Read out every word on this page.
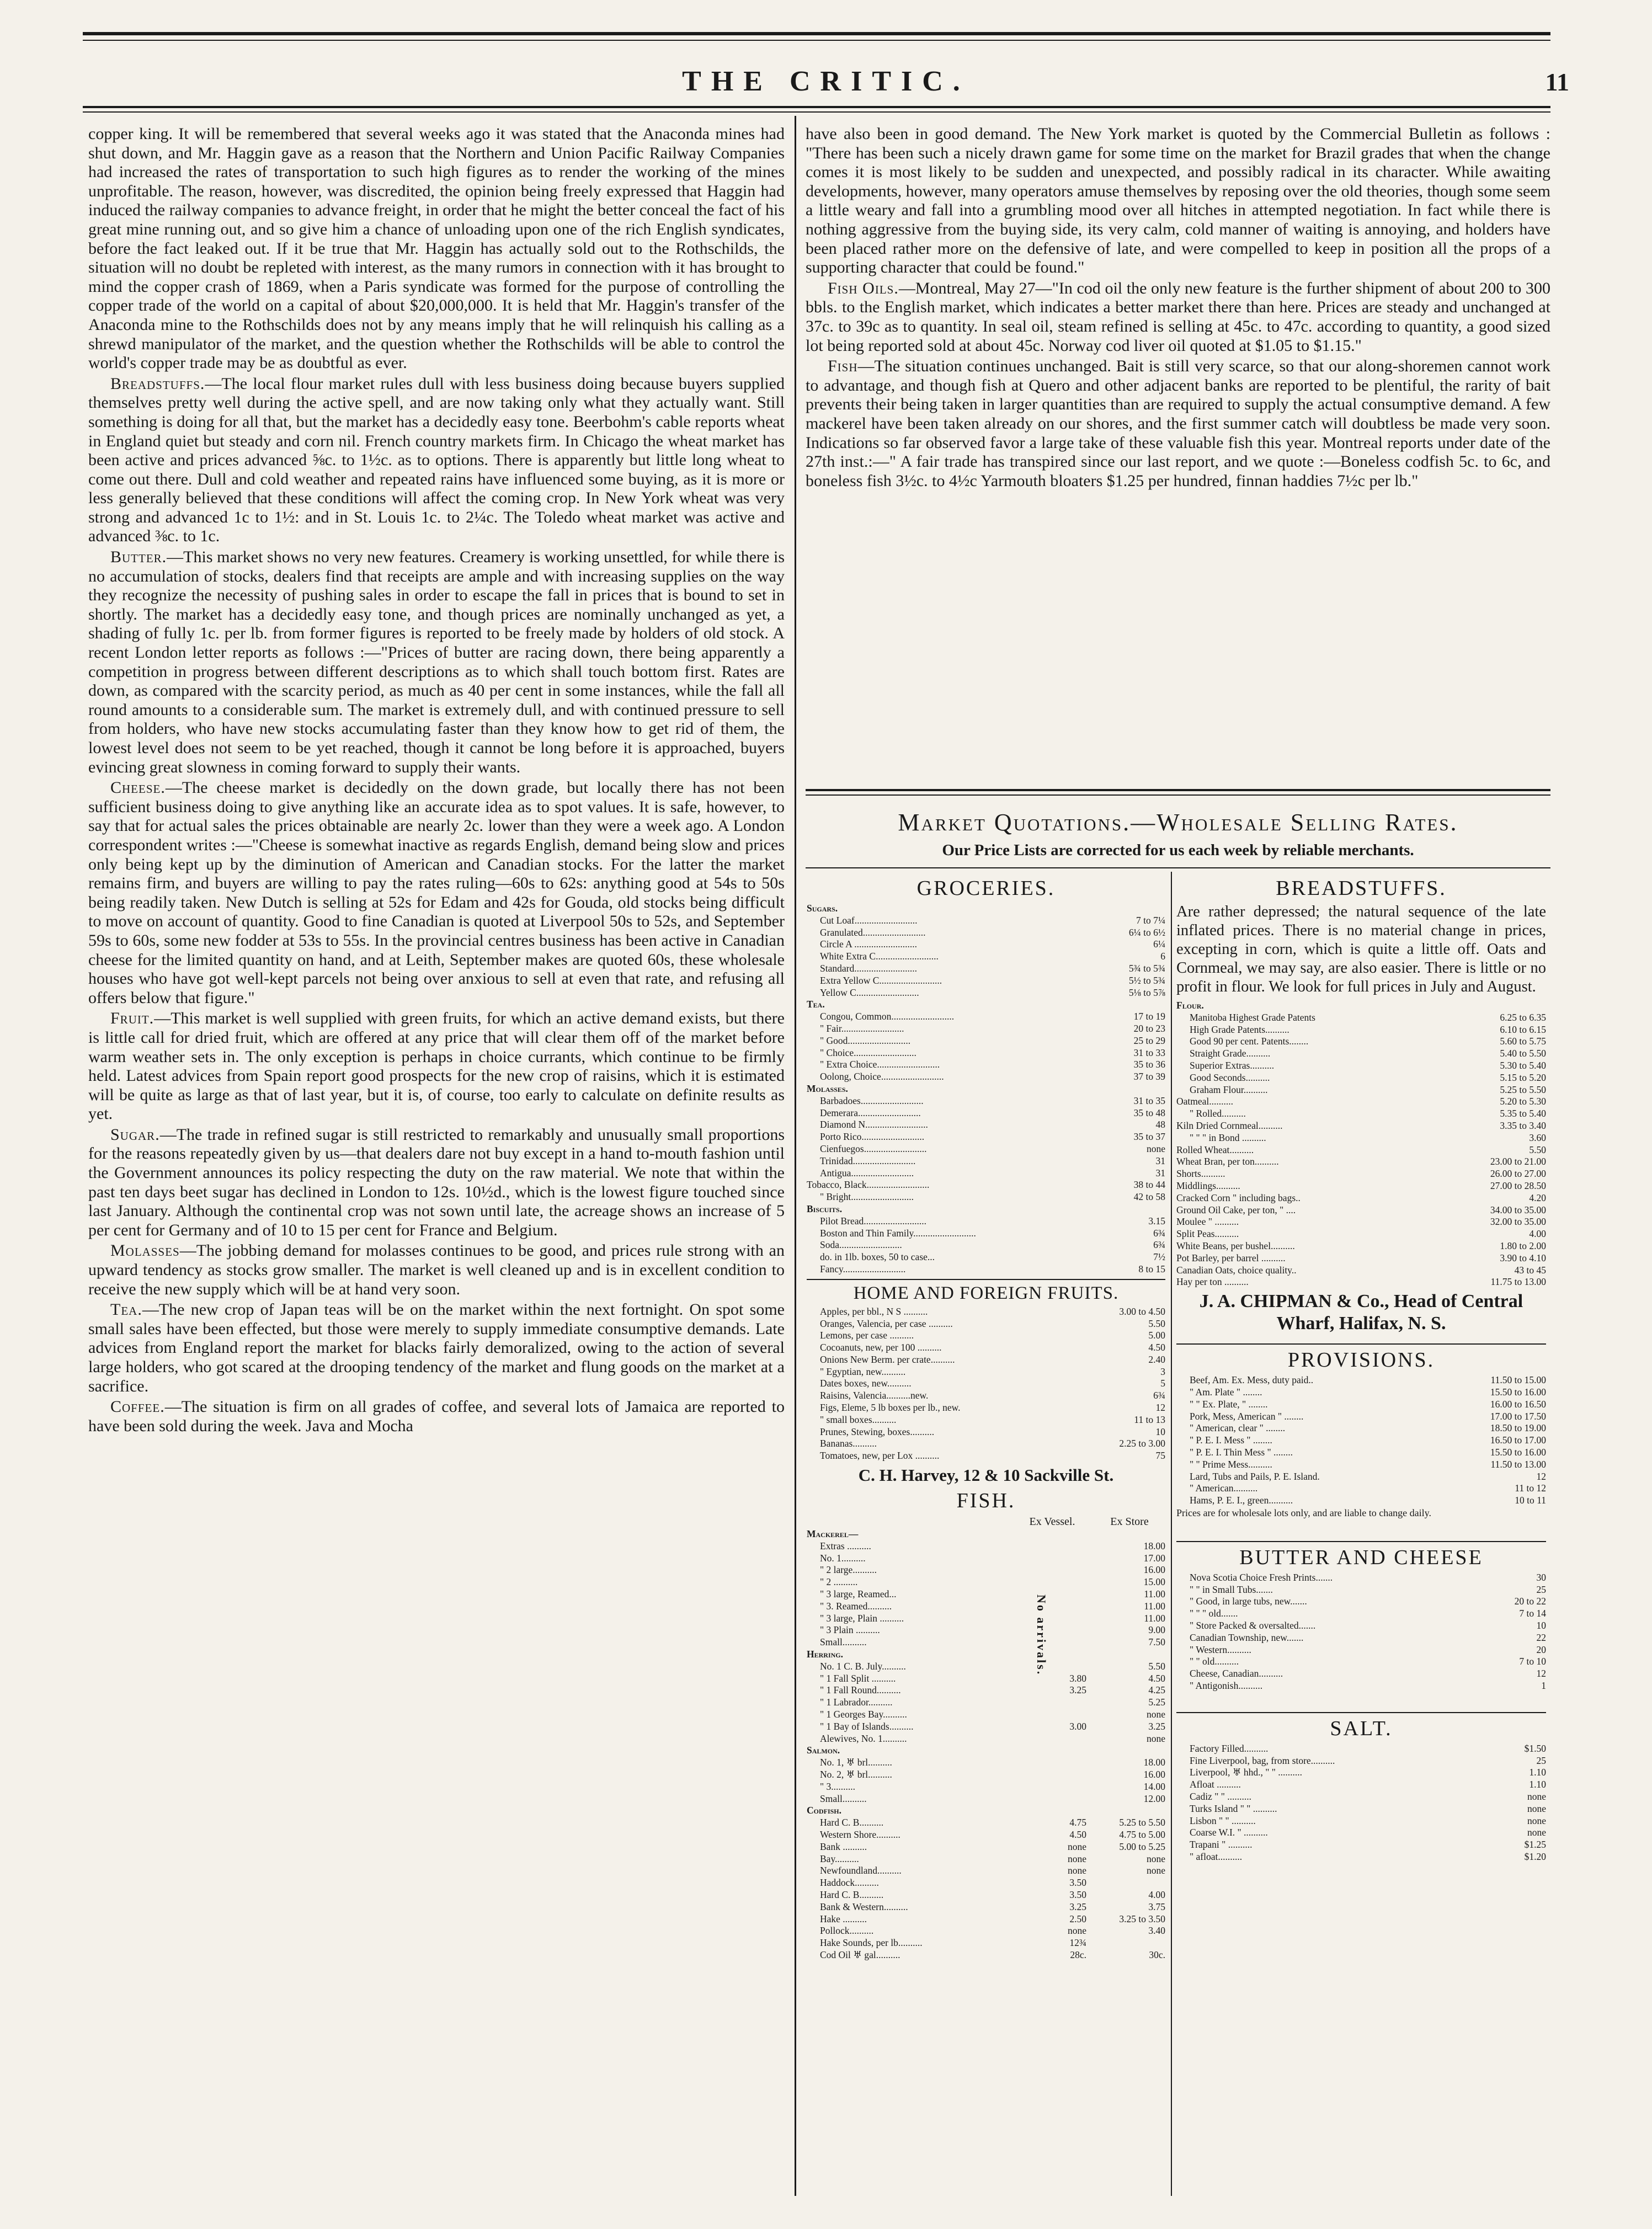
THE CRITIC.	11

copper king. It will be remembered that several weeks ago it was stated that the Anaconda mines had shut down, and Mr. Haggin gave as a reason that the Northern and Union Pacific Railway Companies had increased the rates of transportation to such high figures as to render the working of the mines unprofitable. The reason, however, was discredited, the opinion being freely expressed that Haggin had induced the railway companies to advance freight, in order that he might the better conceal the fact of his great mine running out, and so give him a chance of unloading upon one of the rich English syndicates, before the fact leaked out. If it be true that Mr. Haggin has actually sold out to the Rothschilds, the situation will no doubt be repleted with interest, as the many rumors in connection with it has brought to mind the copper crash of 1869, when a Paris syndicate was formed for the purpose of controlling the copper trade of the world on a capital of about $20,000,000. It is held that Mr. Haggin's transfer of the Anaconda mine to the Rothschilds does not by any means imply that he will relinquish his calling as a shrewd manipulator of the market, and the question whether the Rothschilds will be able to control the world's copper trade may be as doubtful as ever.

Breadstuffs.—The local flour market rules dull with less business doing because buyers supplied themselves pretty well during the active spell, and are now taking only what they actually want. Still something is doing for all that, but the market has a decidedly easy tone. Beerbohm's cable reports wheat in England quiet but steady and corn nil. French country markets firm. In Chicago the wheat market has been active and prices advanced ⅝c. to 1½c. as to options. There is apparently but little long wheat to come out there. Dull and cold weather and repeated rains have influenced some buying, as it is more or less generally believed that these conditions will affect the coming crop. In New York wheat was very strong and advanced 1c to 1½: and in St. Louis 1c. to 2¼c. The Toledo wheat market was active and advanced ⅜c. to 1c.

Butter.—This market shows no very new features. Creamery is working unsettled, for while there is no accumulation of stocks, dealers find that receipts are ample and with increasing supplies on the way they recognize the necessity of pushing sales in order to escape the fall in prices that is bound to set in shortly. The market has a decidedly easy tone, and though prices are nominally unchanged as yet, a shading of fully 1c. per lb. from former figures is reported to be freely made by holders of old stock. A recent London letter reports as follows :—"Prices of butter are racing down, there being apparently a competition in progress between different descriptions as to which shall touch bottom first. Rates are down, as compared with the scarcity period, as much as 40 per cent in some instances, while the fall all round amounts to a considerable sum. The market is extremely dull, and with continued pressure to sell from holders, who have new stocks accumulating faster than they know how to get rid of them, the lowest level does not seem to be yet reached, though it cannot be long before it is approached, buyers evincing great slowness in coming forward to supply their wants.

Cheese.—The cheese market is decidedly on the down grade, but locally there has not been sufficient business doing to give anything like an accurate idea as to spot values. It is safe, however, to say that for actual sales the prices obtainable are nearly 2c. lower than they were a week ago. A London correspondent writes :—"Cheese is somewhat inactive as regards English, demand being slow and prices only being kept up by the diminution of American and Canadian stocks. For the latter the market remains firm, and buyers are willing to pay the rates ruling—60s to 62s: anything good at 54s to 50s being readily taken. New Dutch is selling at 52s for Edam and 42s for Gouda, old stocks being difficult to move on account of quantity. Good to fine Canadian is quoted at Liverpool 50s to 52s, and September 59s to 60s, some new fodder at 53s to 55s. In the provincial centres business has been active in Canadian cheese for the limited quantity on hand, and at Leith, September makes are quoted 60s, these wholesale houses who have got well-kept parcels not being over anxious to sell at even that rate, and refusing all offers below that figure."

Fruit.—This market is well supplied with green fruits, for which an active demand exists, but there is little call for dried fruit, which are offered at any price that will clear them off of the market before warm weather sets in. The only exception is perhaps in choice currants, which continue to be firmly held. Latest advices from Spain report good prospects for the new crop of raisins, which it is estimated will be quite as large as that of last year, but it is, of course, too early to calculate on definite results as yet.

Sugar.—The trade in refined sugar is still restricted to remarkably and unusually small proportions for the reasons repeatedly given by us—that dealers dare not buy except in a hand to-mouth fashion until the Government announces its policy respecting the duty on the raw material. We note that within the past ten days beet sugar has declined in London to 12s. 10½d., which is the lowest figure touched since last January. Although the continental crop was not sown until late, the acreage shows an increase of 5 per cent for Germany and of 10 to 15 per cent for France and Belgium.

Molasses—The jobbing demand for molasses continues to be good, and prices rule strong with an upward tendency as stocks grow smaller. The market is well cleaned up and is in excellent condition to receive the new supply which will be at hand very soon.

Tea.—The new crop of Japan teas will be on the market within the next fortnight. On spot some small sales have been effected, but those were merely to supply immediate consumptive demands. Late advices from England report the market for blacks fairly demoralized, owing to the action of several large holders, who got scared at the drooping tendency of the market and flung goods on the market at a sacrifice.

Coffee.—The situation is firm on all grades of coffee, and several lots of Jamaica are reported to have been sold during the week. Java and Mocha

have also been in good demand. The New York market is quoted by the Commercial Bulletin as follows : "There has been such a nicely drawn game for some time on the market for Brazil grades that when the change comes it is most likely to be sudden and unexpected, and possibly radical in its character. While awaiting developments, however, many operators amuse themselves by reposing over the old theories, though some seem a little weary and fall into a grumbling mood over all hitches in attempted negotiation. In fact while there is nothing aggressive from the buying side, its very calm, cold manner of waiting is annoying, and holders have been placed rather more on the defensive of late, and were compelled to keep in position all the props of a supporting character that could be found."

Fish Oils.—Montreal, May 27—"In cod oil the only new feature is the further shipment of about 200 to 300 bbls. to the English market, which indicates a better market there than here. Prices are steady and unchanged at 37c. to 39c as to quantity. In seal oil, steam refined is selling at 45c. to 47c. according to quantity, a good sized lot being reported sold at about 45c. Norway cod liver oil quoted at $1.05 to $1.15."

Fish—The situation continues unchanged. Bait is still very scarce, so that our along-shoremen cannot work to advantage, and though fish at Quero and other adjacent banks are reported to be plentiful, the rarity of bait prevents their being taken in larger quantities than are required to supply the actual consumptive demand. A few mackerel have been taken already on our shores, and the first summer catch will doubtless be made very soon. Indications so far observed favor a large take of these valuable fish this year. Montreal reports under date of the 27th inst.:—" A fair trade has transpired since our last report, and we quote :—Boneless codfish 5c. to 6c, and boneless fish 3½c. to 4½c Yarmouth bloaters $1.25 per hundred, finnan haddies 7½c per lb."

Market Quotations.—Wholesale Selling Rates.
Our Price Lists are corrected for us each week by reliable merchants.
GROCERIES.
Sugars.	
Cut Loaf..........................	7 to 7¼
Granulated..........................	6¼ to 6½
Circle A ..........................	6¼
White Extra C..........................	6
Standard..........................	5¾ to 5¾
Extra Yellow C..........................	5½ to 5¾
Yellow C..........................	5⅛ to 5⅞
Tea.	
Congou, Common..........................	17 to 19
" Fair..........................	20 to 23
" Good..........................	25 to 29
" Choice..........................	31 to 33
" Extra Choice..........................	35 to 36
Oolong, Choice..........................	37 to 39
Molasses.	
Barbadoes..........................	31 to 35
Demerara..........................	35 to 48
Diamond N..........................	48
Porto Rico..........................	35 to 37
Cienfuegos..........................	none
Trinidad..........................	31
Antigua..........................	31
Tobacco, Black..........................	38 to 44
" Bright..........................	42 to 58
Biscuits.	
Pilot Bread..........................	3.15
Boston and Thin Family..........................	6¾
Soda..........................	6¾
do. in 1lb. boxes, 50 to case...	7½
Fancy..........................	8 to 15
HOME AND FOREIGN FRUITS.
Apples, per bbl., N S ..........	3.00 to 4.50
Oranges, Valencia, per case ..........	5.50
Lemons, per case ..........	5.00
Cocoanuts, new, per 100 ..........	4.50
Onions New Berm. per crate..........	2.40
" Egyptian, new..........	3
Dates boxes, new..........	5
Raisins, Valencia..........new.	6¾
Figs, Eleme, 5 lb boxes per lb., new.	12
" small boxes..........	11 to 13
Prunes, Stewing, boxes..........	10
Bananas..........	2.25 to 3.00
Tomatoes, new, per Lox ..........	75
C. H. Harvey, 12 & 10 Sackville St.
FISH.
Ex Vessel.	Ex Store
Mackerel—		
Extras ..........		18.00
No. 1..........		17.00
" 2 large..........		16.00
" 2 ..........		15.00
" 3 large, Reamed...		11.00
" 3. Reamed..........		11.00
" 3 large, Plain ..........		11.00
" 3 Plain ..........		9.00
Small..........		7.50
Herring.		
No. 1 C. B. July..........		5.50
" 1 Fall Split ..........	3.80	4.50
" 1 Fall Round..........	3.25	4.25
" 1 Labrador..........		5.25
" 1 Georges Bay..........		none
" 1 Bay of Islands..........	3.00	3.25
Alewives, No. 1..........		none
Salmon.		
No. 1, ♅ brl..........		18.00
No. 2, ♅ brl..........		16.00
" 3..........		14.00
Small..........		12.00
Codfish.		
Hard C. B..........	4.75	5.25 to 5.50
Western Shore..........	4.50	4.75 to 5.00
Bank ..........	none	5.00 to 5.25
Bay..........	none	none
Newfoundland..........	none	none
Haddock..........	3.50	
Hard C. B..........	3.50	4.00
Bank & Western..........	3.25	3.75
Hake ..........	2.50	3.25 to 3.50
Pollock..........	none	3.40
Hake Sounds, per lb..........	12¾	
Cod Oil ♅ gal..........	28c.	30c.
No arrivals.
BREADSTUFFS.
Are rather depressed; the natural sequence of the late inflated prices. There is no material change in prices, excepting in corn, which is quite a little off. Oats and Cornmeal, we may say, are also easier. There is little or no profit in flour. We look for full prices in July and August.
Flour.	
Manitoba Highest Grade Patents	6.25 to 6.35
High Grade Patents..........	6.10 to 6.15
Good 90 per cent. Patents........	5.60 to 5.75
Straight Grade..........	5.40 to 5.50
Superior Extras..........	5.30 to 5.40
Good Seconds..........	5.15 to 5.20
Graham Flour..........	5.25 to 5.50
Oatmeal..........	5.20 to 5.30
" Rolled..........	5.35 to 5.40
Kiln Dried Cornmeal..........	3.35 to 3.40
" " " in Bond ..........	3.60
Rolled Wheat..........	5.50
Wheat Bran, per ton..........	23.00 to 21.00
Shorts..........	26.00 to 27.00
Middlings..........	27.00 to 28.50
Cracked Corn " including bags..	4.20
Ground Oil Cake, per ton, " ....	34.00 to 35.00
Moulee " ..........	32.00 to 35.00
Split Peas..........	4.00
White Beans, per bushel..........	1.80 to 2.00
Pot Barley, per barrel ..........	3.90 to 4.10
Canadian Oats, choice quality..	43 to 45
Hay per ton ..........	11.75 to 13.00
J. A. CHIPMAN & Co., Head of Central Wharf, Halifax, N. S.
PROVISIONS.
Beef, Am. Ex. Mess, duty paid..	11.50 to 15.00
" Am. Plate " ........	15.50 to 16.00
" " Ex. Plate, " ........	16.00 to 16.50
Pork, Mess, American " ........	17.00 to 17.50
" American, clear " ........	18.50 to 19.00
" P. E. I. Mess " ........	16.50 to 17.00
" P. E. I. Thin Mess " ........	15.50 to 16.00
" " Prime Mess..........	11.50 to 13.00
Lard, Tubs and Pails, P. E. Island.	12
" American..........	11 to 12
Hams, P. E. I., green..........	10 to 11
Prices are for wholesale lots only, and are liable to change daily.
BUTTER AND CHEESE
Nova Scotia Choice Fresh Prints.......	30
" " in Small Tubs.......	25
" Good, in large tubs, new.......	20 to 22
" " " old.......	7 to 14
" Store Packed & oversalted.......	10
Canadian Township, new.......	22
" Western..........	20
" " old..........	7 to 10
Cheese, Canadian..........	12
" Antigonish..........	1
SALT.
Factory Filled..........	$1.50
Fine Liverpool, bag, from store..........	25
Liverpool, ♅ hhd., " " ..........	1.10
Afloat ..........	1.10
Cadiz " " ..........	none
Turks Island " " ..........	none
Lisbon " " ..........	none
Coarse W.I. " ..........	none
Trapani " ..........	$1.25
" afloat..........	$1.20
